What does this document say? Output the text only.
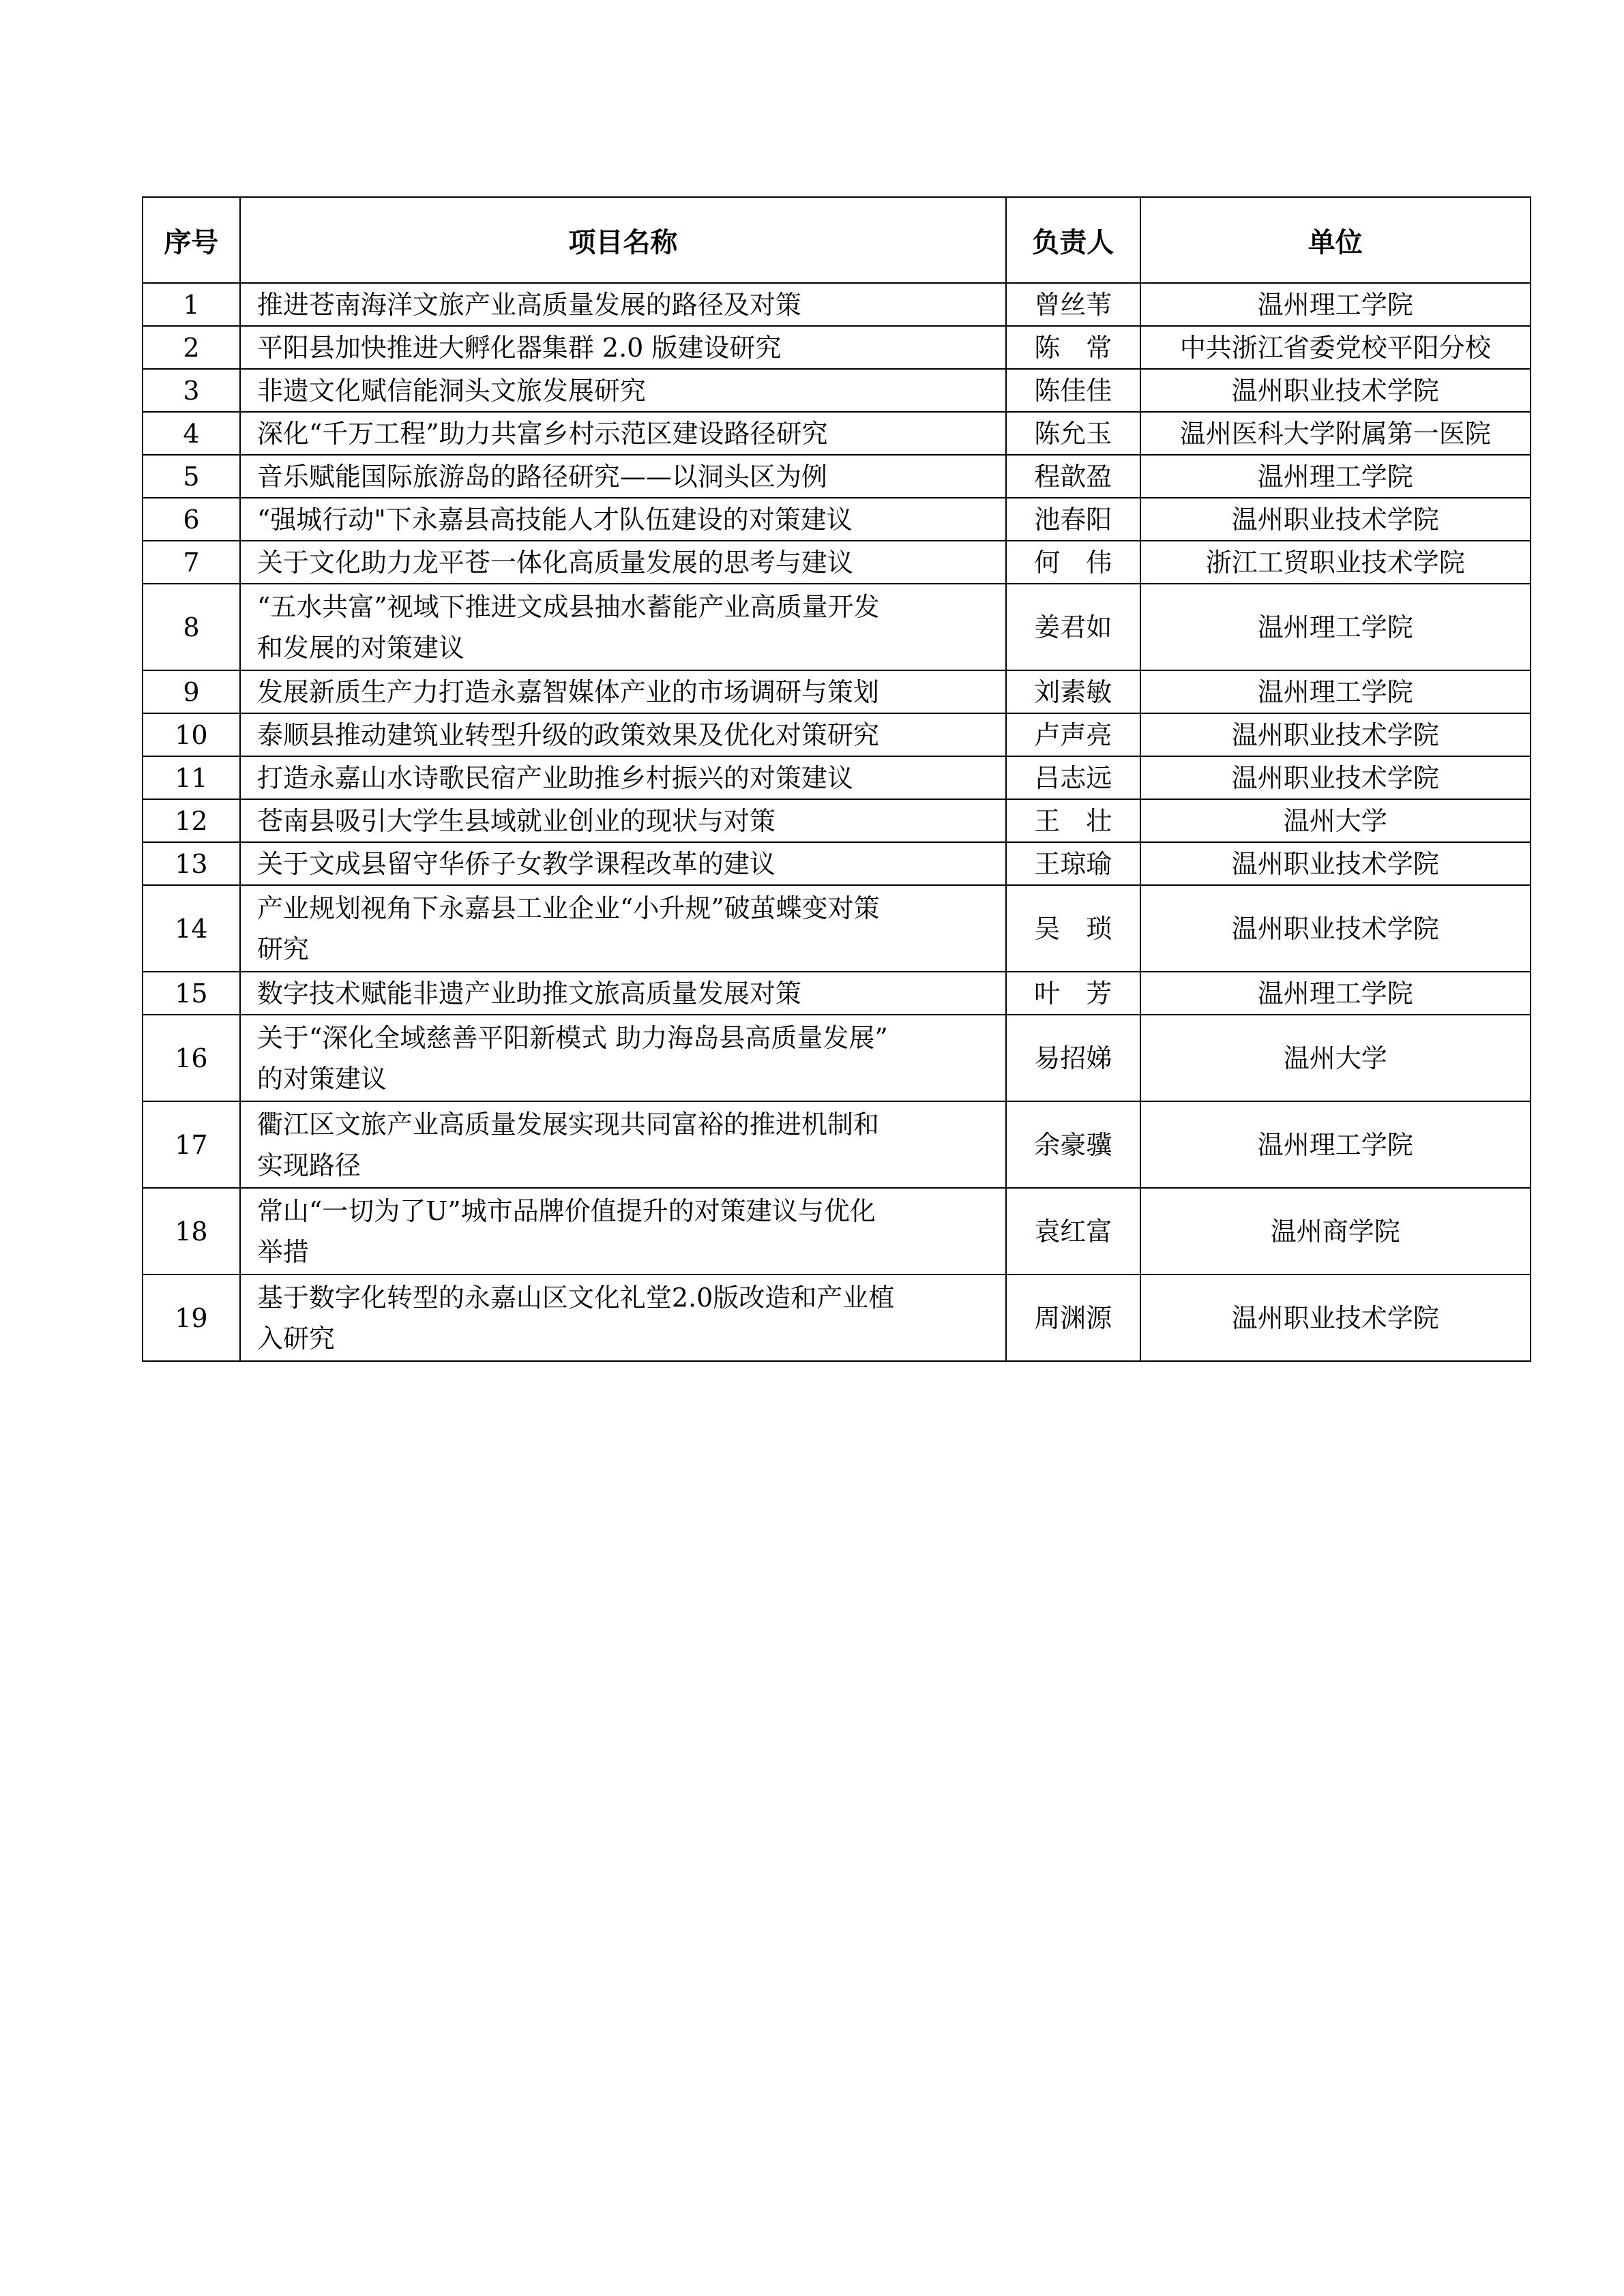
序号	项目名称	负责人	单位
1	推进苍南海洋文旅产业高质量发展的路径及对策	曾丝苇	温州理工学院
2	平阳县加快推进大孵化器集群 2.0 版建设研究	陈　常	中共浙江省委党校平阳分校
3	非遗文化赋信能洞头文旅发展研究	陈佳佳	温州职业技术学院
4	深化“千万工程”助力共富乡村示范区建设路径研究	陈允玉	温州医科大学附属第一医院
5	音乐赋能国际旅游岛的路径研究——以洞头区为例	程歆盈	温州理工学院
6	“强城行动"下永嘉县高技能人才队伍建设的对策建议	池春阳	温州职业技术学院
7	关于文化助力龙平苍一体化高质量发展的思考与建议	何　伟	浙江工贸职业技术学院
8	“五水共富”视域下推进文成县抽水蓄能产业高质量开发
和发展的对策建议	姜君如	温州理工学院
9	发展新质生产力打造永嘉智媒体产业的市场调研与策划	刘素敏	温州理工学院
10	泰顺县推动建筑业转型升级的政策效果及优化对策研究	卢声亮	温州职业技术学院
11	打造永嘉山水诗歌民宿产业助推乡村振兴的对策建议	吕志远	温州职业技术学院
12	苍南县吸引大学生县域就业创业的现状与对策	王　壮	温州大学
13	关于文成县留守华侨子女教学课程改革的建议	王琼瑜	温州职业技术学院
14	产业规划视角下永嘉县工业企业“小升规”破茧蝶变对策
研究	吴　琐	温州职业技术学院
15	数字技术赋能非遗产业助推文旅高质量发展对策	叶　芳	温州理工学院
16	关于“深化全域慈善平阳新模式 助力海岛县高质量发展”
的对策建议	易招娣	温州大学
17	衢江区文旅产业高质量发展实现共同富裕的推进机制和
实现路径	余豪骥	温州理工学院
18	常山“一切为了U”城市品牌价值提升的对策建议与优化
举措	袁红富	温州商学院
19	基于数字化转型的永嘉山区文化礼堂2.0版改造和产业植
入研究	周渊源	温州职业技术学院
